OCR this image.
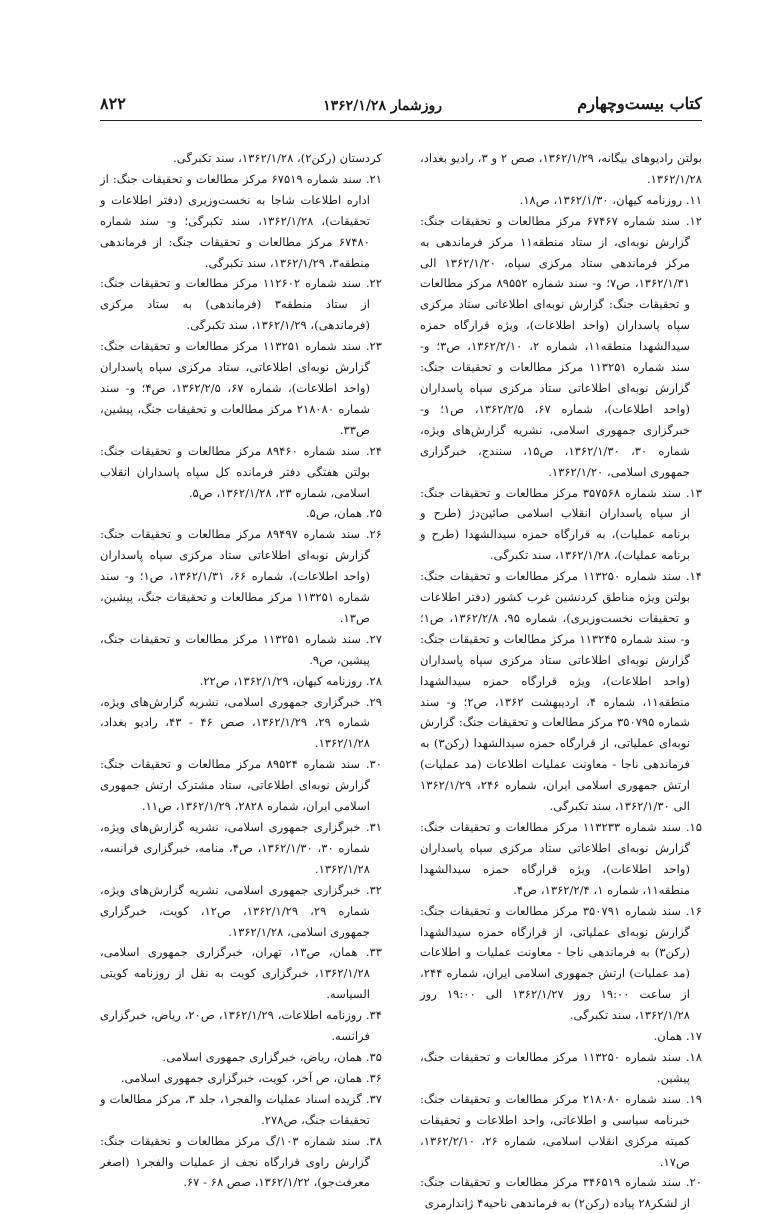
کتاب بیست‌وچهارم
روزشمار ۱۳۶۲/۱/۲۸
۸۲۲

بولتن رادیوهای بیگانه، ۱۳۶۲/۱/۲۹، صص ۲ و ۳، رادیو بغداد، ۱۳۶۲/۱/۲۸.

۱۱. روزنامه کیهان، ۱۳۶۲/۱/۳۰، ص۱۸.

۱۲. سند شماره ۶۷۴۶۷ مرکز مطالعات و تحقیقات جنگ: گزارش نوبه‌ای، از ستاد منطقه۱۱ مرکز فرماندهی به مرکز فرماندهی ستاد مرکزی سپاه، ۱۳۶۲/۱/۲۰ الی ۱۳۶۲/۱/۳۱، ص۷؛ و- سند شماره ۸۹۵۵۲ مرکز مطالعات و تحقیقات جنگ: گزارش نوبه‌ای اطلاعاتی ستاد مرکزی سپاه پاسداران (واحد اطلاعات)، ویژه قرارگاه حمزه سیدالشهدا منطقه۱۱، شماره ۲، ۱۳۶۲/۲/۱۰، ص۳؛ و- سند شماره ۱۱۳۲۵۱ مرکز مطالعات و تحقیقات جنگ: گزارش نوبه‌ای اطلاعاتی ستاد مرکزی سپاه پاسداران (واحد اطلاعات)، شماره ۶۷، ۱۳۶۲/۲/۵، ص۱؛ و- خبرگزاری جمهوری اسلامی، نشریه گزارش‌های ویژه، شماره ۳۰، ۱۳۶۲/۱/۳۰، ص۱۵، سنندج، خبرگزاری جمهوری اسلامی، ۱۳۶۲/۱/۲۰.

۱۳. سند شماره ۳۵۷۵۶۸ مرکز مطالعات و تحقیقات جنگ: از سپاه پاسداران انقلاب اسلامی صائین‌دژ (طرح و برنامه عملیات)، به قرارگاه حمزه سیدالشهدا (طرح و برنامه عملیات)، ۱۳۶۲/۱/۲۸، سند تکبرگی.

۱۴. سند شماره ۱۱۳۲۵۰ مرکز مطالعات و تحقیقات جنگ: بولتن ویژه مناطق کردنشین غرب کشور (دفتر اطلاعات و تحقیقات نخست‌وزیری)، شماره ۹۵، ۱۳۶۲/۲/۸، ص۱؛ و- سند شماره ۱۱۳۲۴۵ مرکز مطالعات و تحقیقات جنگ: گزارش نوبه‌ای اطلاعاتی ستاد مرکزی سپاه پاسداران (واحد اطلاعات)، ویژه قرارگاه حمزه سیدالشهدا منطقه۱۱، شماره ۴، اردیبهشت ۱۳۶۲، ص۲؛ و- سند شماره ۳۵۰۷۹۵ مرکز مطالعات و تحقیقات جنگ: گزارش نوبه‌ای عملیاتی، از قرارگاه حمزه سیدالشهدا (رکن۳) به فرماندهی ناجا - معاونت عملیات اطلاعات (مد عملیات) ارتش جمهوری اسلامی ایران، شماره ۲۴۶، ۱۳۶۲/۱/۲۹ الی ۱۳۶۲/۱/۳۰، سند تکبرگی.

۱۵. سند شماره ۱۱۳۲۳۳ مرکز مطالعات و تحقیقات جنگ: گزارش نوبه‌ای اطلاعاتی ستاد مرکزی سپاه پاسداران (واحد اطلاعات)، ویژه قرارگاه حمزه سیدالشهدا منطقه۱۱، شماره ۱، ۱۳۶۲/۲/۴، ص۴.

۱۶. سند شماره ۳۵۰۷۹۱ مرکز مطالعات و تحقیقات جنگ: گزارش نوبه‌ای عملیاتی، از قرارگاه حمزه سیدالشهدا (رکن۳) به فرماندهی ناجا - معاونت عملیات و اطلاعات (مد عملیات) ارتش جمهوری اسلامی ایران، شماره ۲۴۴، از ساعت ۱۹:۰۰ روز ۱۳۶۲/۱/۲۷ الی ۱۹:۰۰ روز ۱۳۶۲/۱/۲۸، سند تکبرگی.

۱۷. همان.

۱۸. سند شماره ۱۱۳۲۵۰ مرکز مطالعات و تحقیقات جنگ، پیشین.

۱۹. سند شماره ۲۱۸۰۸۰ مرکز مطالعات و تحقیقات جنگ: خبرنامه سیاسی و اطلاعاتی، واحد اطلاعات و تحقیقات کمیته مرکزی انقلاب اسلامی، شماره ۲۶، ۱۳۶۲/۲/۱۰، ص۱۷.

۲۰. سند شماره ۳۴۶۵۱۹ مرکز مطالعات و تحقیقات جنگ: از لشکر۲۸ پیاده (رکن۲) به فرماندهی ناحیه۴ ژاندارمری

کردستان (رکن۲)، ۱۳۶۲/۱/۲۸، سند تکبرگی.

۲۱. سند شماره ۶۷۵۱۹ مرکز مطالعات و تحقیقات جنگ: از اداره اطلاعات شاجا به نخست‌وزیری (دفتر اطلاعات و تحقیقات)، ۱۳۶۲/۱/۲۸، سند تکبرگی؛ و- سند شماره ۶۷۴۸۰ مرکز مطالعات و تحقیقات جنگ: از فرماندهی منطقه۳، ۱۳۶۲/۱/۲۹، سند تکبرگی.

۲۲. سند شماره ۱۱۲۶۰۲ مرکز مطالعات و تحقیقات جنگ: از ستاد منطقه۳ (فرماندهی) به ستاد مرکزی (فرماندهی)، ۱۳۶۲/۱/۲۹، سند تکبرگی.

۲۳. سند شماره ۱۱۳۲۵۱ مرکز مطالعات و تحقیقات جنگ: گزارش نوبه‌ای اطلاعاتی، ستاد مرکزی سپاه پاسداران (واحد اطلاعات)، شماره ۶۷، ۱۳۶۲/۲/۵، ص۴؛ و- سند شماره ۲۱۸۰۸۰ مرکز مطالعات و تحقیقات جنگ، پیشین، ص۳۳.

۲۴. سند شماره ۸۹۴۶۰ مرکز مطالعات و تحقیقات جنگ: بولتن هفتگی دفتر فرمانده کل سپاه پاسداران انقلاب اسلامی، شماره ۲۳، ۱۳۶۲/۱/۲۸، ص۵.

۲۵. همان، ص۵.

۲۶. سند شماره ۸۹۴۹۷ مرکز مطالعات و تحقیقات جنگ: گزارش نوبه‌ای اطلاعاتی ستاد مرکزی سپاه پاسداران (واحد اطلاعات)، شماره ۶۶، ۱۳۶۲/۱/۳۱، ص۱؛ و- سند شماره ۱۱۳۲۵۱ مرکز مطالعات و تحقیقات جنگ، پیشین، ص۱۳.

۲۷. سند شماره ۱۱۳۲۵۱ مرکز مطالعات و تحقیقات جنگ، پیشین، ص۹.

۲۸. روزنامه کیهان، ۱۳۶۲/۱/۲۹، ص۲۲.

۲۹. خبرگزاری جمهوری اسلامی، نشریه گزارش‌های ویژه، شماره ۲۹، ۱۳۶۲/۱/۲۹، صص ۴۶ - ۴۳، رادیو بغداد، ۱۳۶۲/۱/۲۸.

۳۰. سند شماره ۸۹۵۲۴ مرکز مطالعات و تحقیقات جنگ: گزارش نوبه‌ای اطلاعاتی، ستاد مشترک ارتش جمهوری اسلامی ایران، شماره ۲۸۲۸، ۱۳۶۲/۱/۲۹، ص۱۱.

۳۱. خبرگزاری جمهوری اسلامی، نشریه گزارش‌های ویژه، شماره ۳۰، ۱۳۶۲/۱/۳۰، ص۴، منامه، خبرگزاری فرانسه، ۱۳۶۲/۱/۲۸.

۳۲. خبرگزاری جمهوری اسلامی، نشریه گزارش‌های ویژه، شماره ۲۹، ۱۳۶۲/۱/۲۹، ص۱۲، کویت، خبرگزاری جمهوری اسلامی، ۱۳۶۲/۱/۲۸.

۳۳. همان، ص۱۳، تهران، خبرگزاری جمهوری اسلامی، ۱۳۶۲/۱/۲۸، خبرگزاری کویت به نقل از روزنامه کویتی السیاسه.

۳۴. روزنامه اطلاعات، ۱۳۶۲/۱/۲۹، ص۲۰، ریاض، خبرگزاری فرانسه.

۳۵. همان، ریاض، خبرگزاری جمهوری اسلامی.

۳۶. همان، ص آخر، کویت، خبرگزاری جمهوری اسلامی.

۳۷. گزیده اسناد عملیات والفجر۱، جلد ۳، مرکز مطالعات و تحقیقات جنگ، ص۲۷۸.

۳۸. سند شماره ۱۰۳/گ مرکز مطالعات و تحقیقات جنگ: گزارش راوی قرارگاه نجف از عملیات والفجر۱ (اصغر معرفت‌جو)، ۱۳۶۲/۱/۲۲، صص ۶۸ - ۶۷.
